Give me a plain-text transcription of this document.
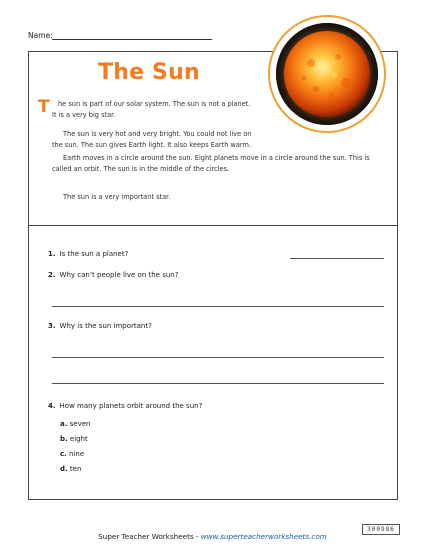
Name:
The Sun
T	he sun is part of our solar system. The sun is not a planet. It is a very big star.
The sun is very hot and very bright. You could not live on the sun. The sun gives Earth light. It also keeps Earth warm.
Earth moves in a circle around the sun. Eight planets move in a circle around the sun. This is called an orbit. The sun is in the middle of the circles.
The sun is a very important star.
1. Is the sun a planet?
2. Why can’t people live on the sun?
3. Why is the sun important?
4. How many planets orbit around the sun?
a. seven
b. eight
c. nine
d. ten
Super Teacher Worksheets - www.superteacherworksheets.com
300986
